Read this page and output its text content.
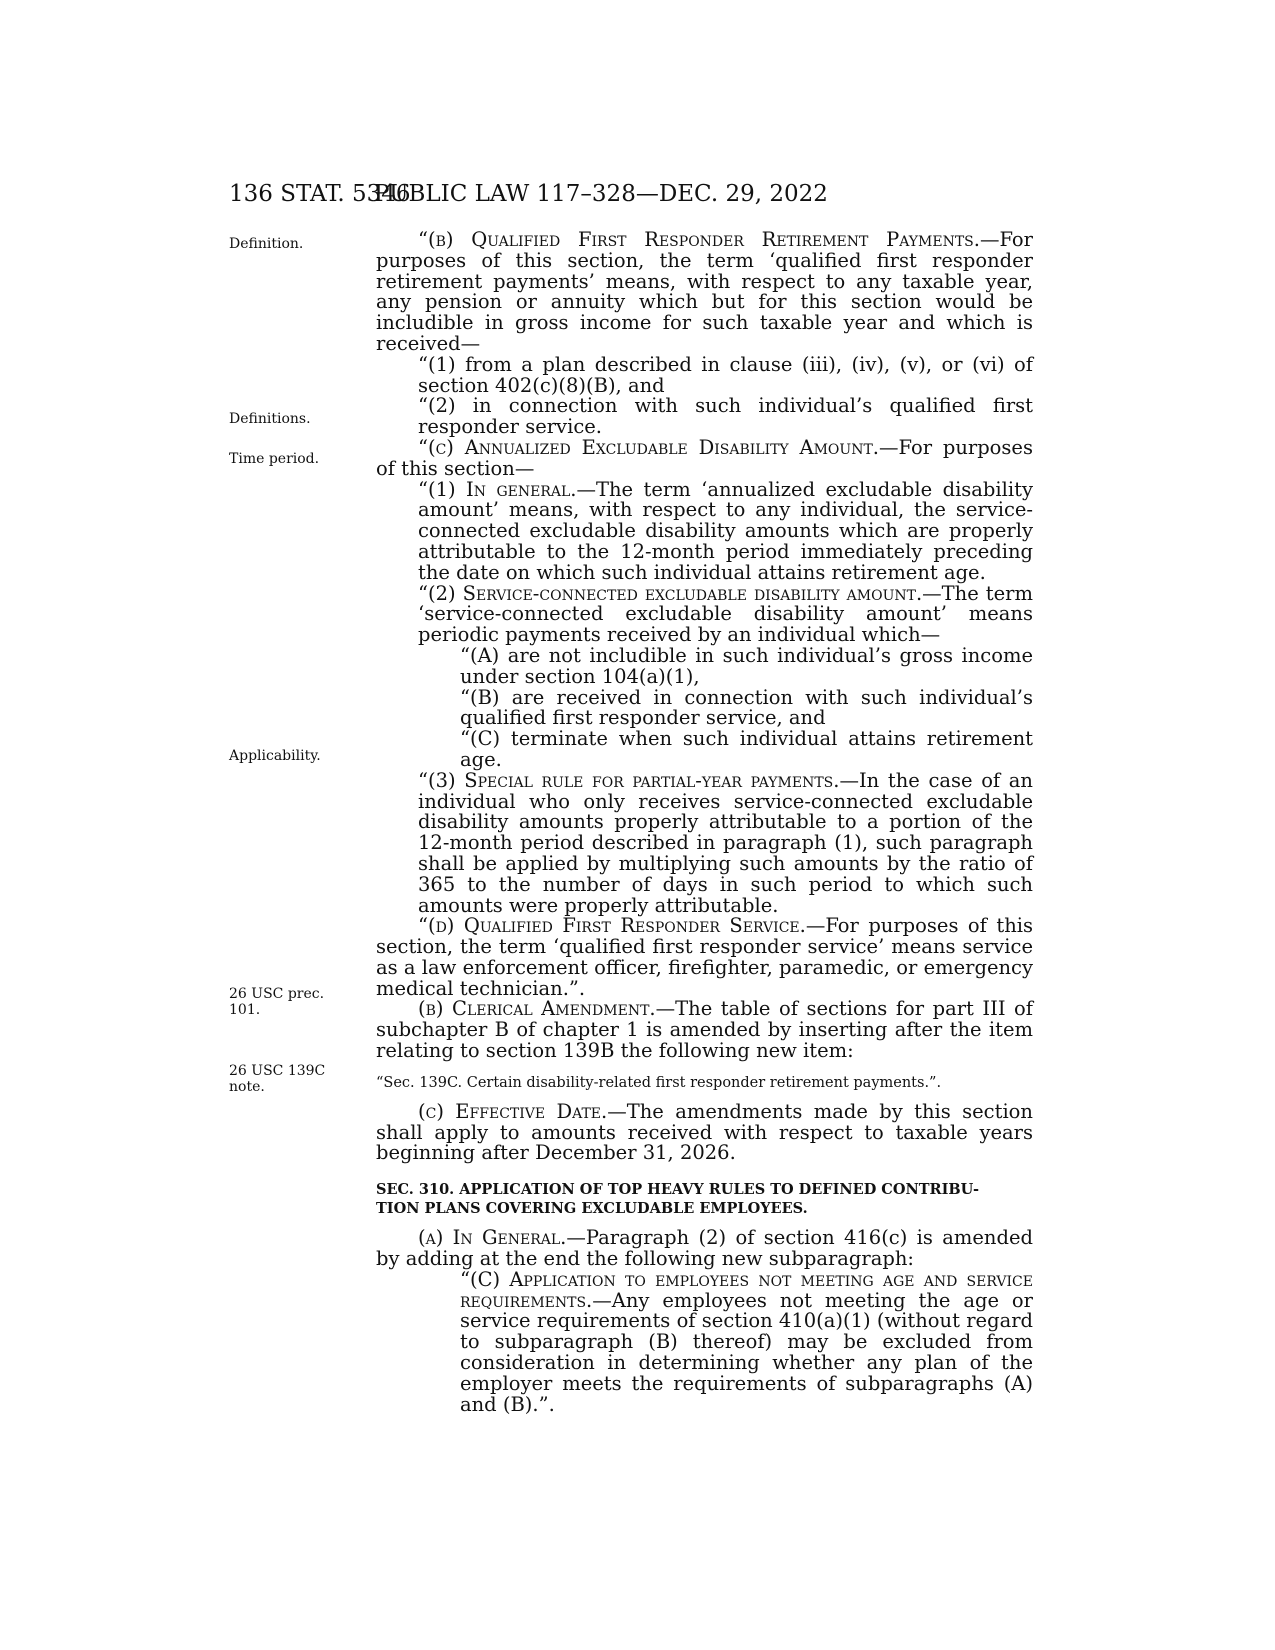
136 STAT. 5346
PUBLIC LAW 117–328—DEC. 29, 2022
Definition.
Definitions.
Time period.
Applicability.
26 USC prec. 101.
26 USC 139C note.

“(b) Qualified First Responder Retirement Payments.—For purposes of this section, the term ‘qualified first responder retirement payments’ means, with respect to any taxable year, any pension or annuity which but for this section would be includible in gross income for such taxable year and which is received—

“(1) from a plan described in clause (iii), (iv), (v), or (vi) of section 402(c)(8)(B), and

“(2) in connection with such individual’s qualified first responder service.

“(c) Annualized Excludable Disability Amount.—For purposes of this section—

“(1) In general.—The term ‘annualized excludable disability amount’ means, with respect to any individual, the service-connected excludable disability amounts which are properly attributable to the 12-month period immediately preceding the date on which such individual attains retirement age.

“(2) Service-connected excludable disability amount.—The term ‘service-connected excludable disability amount’ means periodic payments received by an individual which—

“(A) are not includible in such individual’s gross income under section 104(a)(1),

“(B) are received in connection with such individual’s qualified first responder service, and

“(C) terminate when such individual attains retirement age.

“(3) Special rule for partial-year payments.—In the case of an individual who only receives service-connected excludable disability amounts properly attributable to a portion of the 12-month period described in paragraph (1), such paragraph shall be applied by multiplying such amounts by the ratio of 365 to the number of days in such period to which such amounts were properly attributable.

“(d) Qualified First Responder Service.—For purposes of this section, the term ‘qualified first responder service’ means service as a law enforcement officer, firefighter, paramedic, or emergency medical technician.”.

(b) Clerical Amendment.—The table of sections for part III of subchapter B of chapter 1 is amended by inserting after the item relating to section 139B the following new item:

“Sec. 139C. Certain disability-related first responder retirement payments.”.

(c) Effective Date.—The amendments made by this section shall apply to amounts received with respect to taxable years beginning after December 31, 2026.

SEC. 310. APPLICATION OF TOP HEAVY RULES TO DEFINED CONTRIBU-
TION PLANS COVERING EXCLUDABLE EMPLOYEES.

(a) In General.—Paragraph (2) of section 416(c) is amended by adding at the end the following new subparagraph:

“(C) Application to employees not meeting age and service requirements.—Any employees not meeting the age or service requirements of section 410(a)(1) (without regard to subparagraph (B) thereof) may be excluded from consideration in determining whether any plan of the employer meets the requirements of subparagraphs (A) and (B).”.
